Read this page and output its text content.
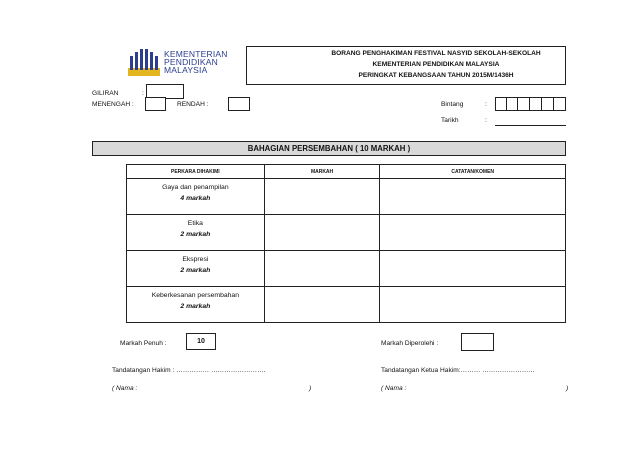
KEMENTERIAN
PENDIDIKAN
MALAYSIA
BORANG PENGHAKIMAN FESTIVAL NASYID SEKOLAH-SEKOLAH
KEMENTERIAN PENDIDIKAN MALAYSIA
PERINGKAT KEBANGSAAN TAHUN 2015M/1436H
GILIRAN	:
MENENGAH :	RENDAH :	Bintang	:
Tarikh	:
BAHAGIAN PERSEMBAHAN ( 10 MARKAH )
PERKARA DIHAKIMI	MARKAH	CATATAN/KOMEN

Gaya dan penampilan
4 markah		

Etika
2 markah		

Ekspresi
2 markah		

Keberkesanan persembahan
2 markah		

Markah Penuh :	10	Markah Diperolehi :
Tandatangan Hakim : …………… …………………….	Tandatangan Ketua Hakim:……… ……………………
( Nama :	)	( Nama :	)
